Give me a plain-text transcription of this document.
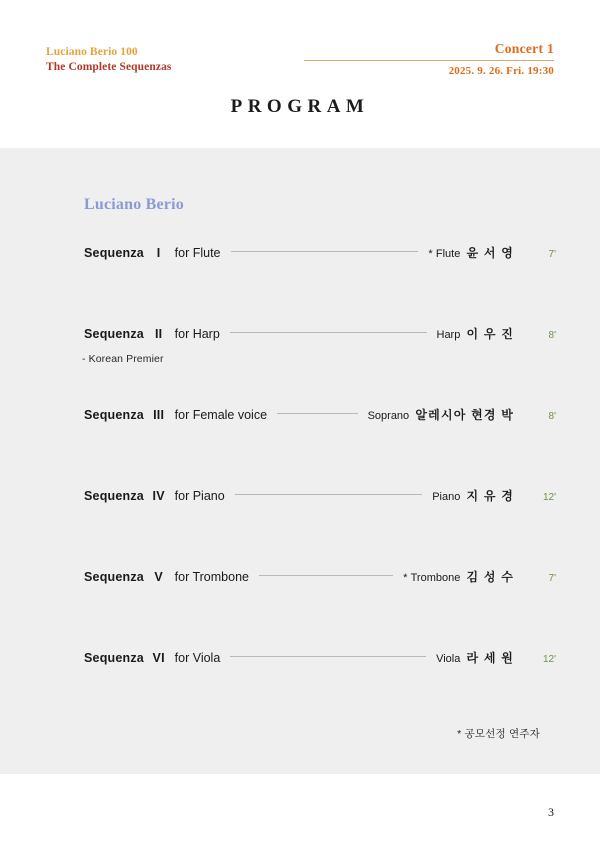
Luciano Berio 100
The Complete Sequenzas
Concert 1
2025. 9. 26. Fri. 19:30
PROGRAM
Luciano Berio
Sequenza I	for Flute	* Flute 윤 서 영	7'
Sequenza II for Harp	Harp 이 우 진	8'
- Korean Premier
Sequenza III for Female voice	Soprano 알레시아 현경 박	8'
Sequenza IV for Piano	Piano 지 유 경	12'
Sequenza V for Trombone	* Trombone 김 성 수	7'
Sequenza VI for Viola	Viola 라 세 원	12'
* 공모선정 연주자
3
